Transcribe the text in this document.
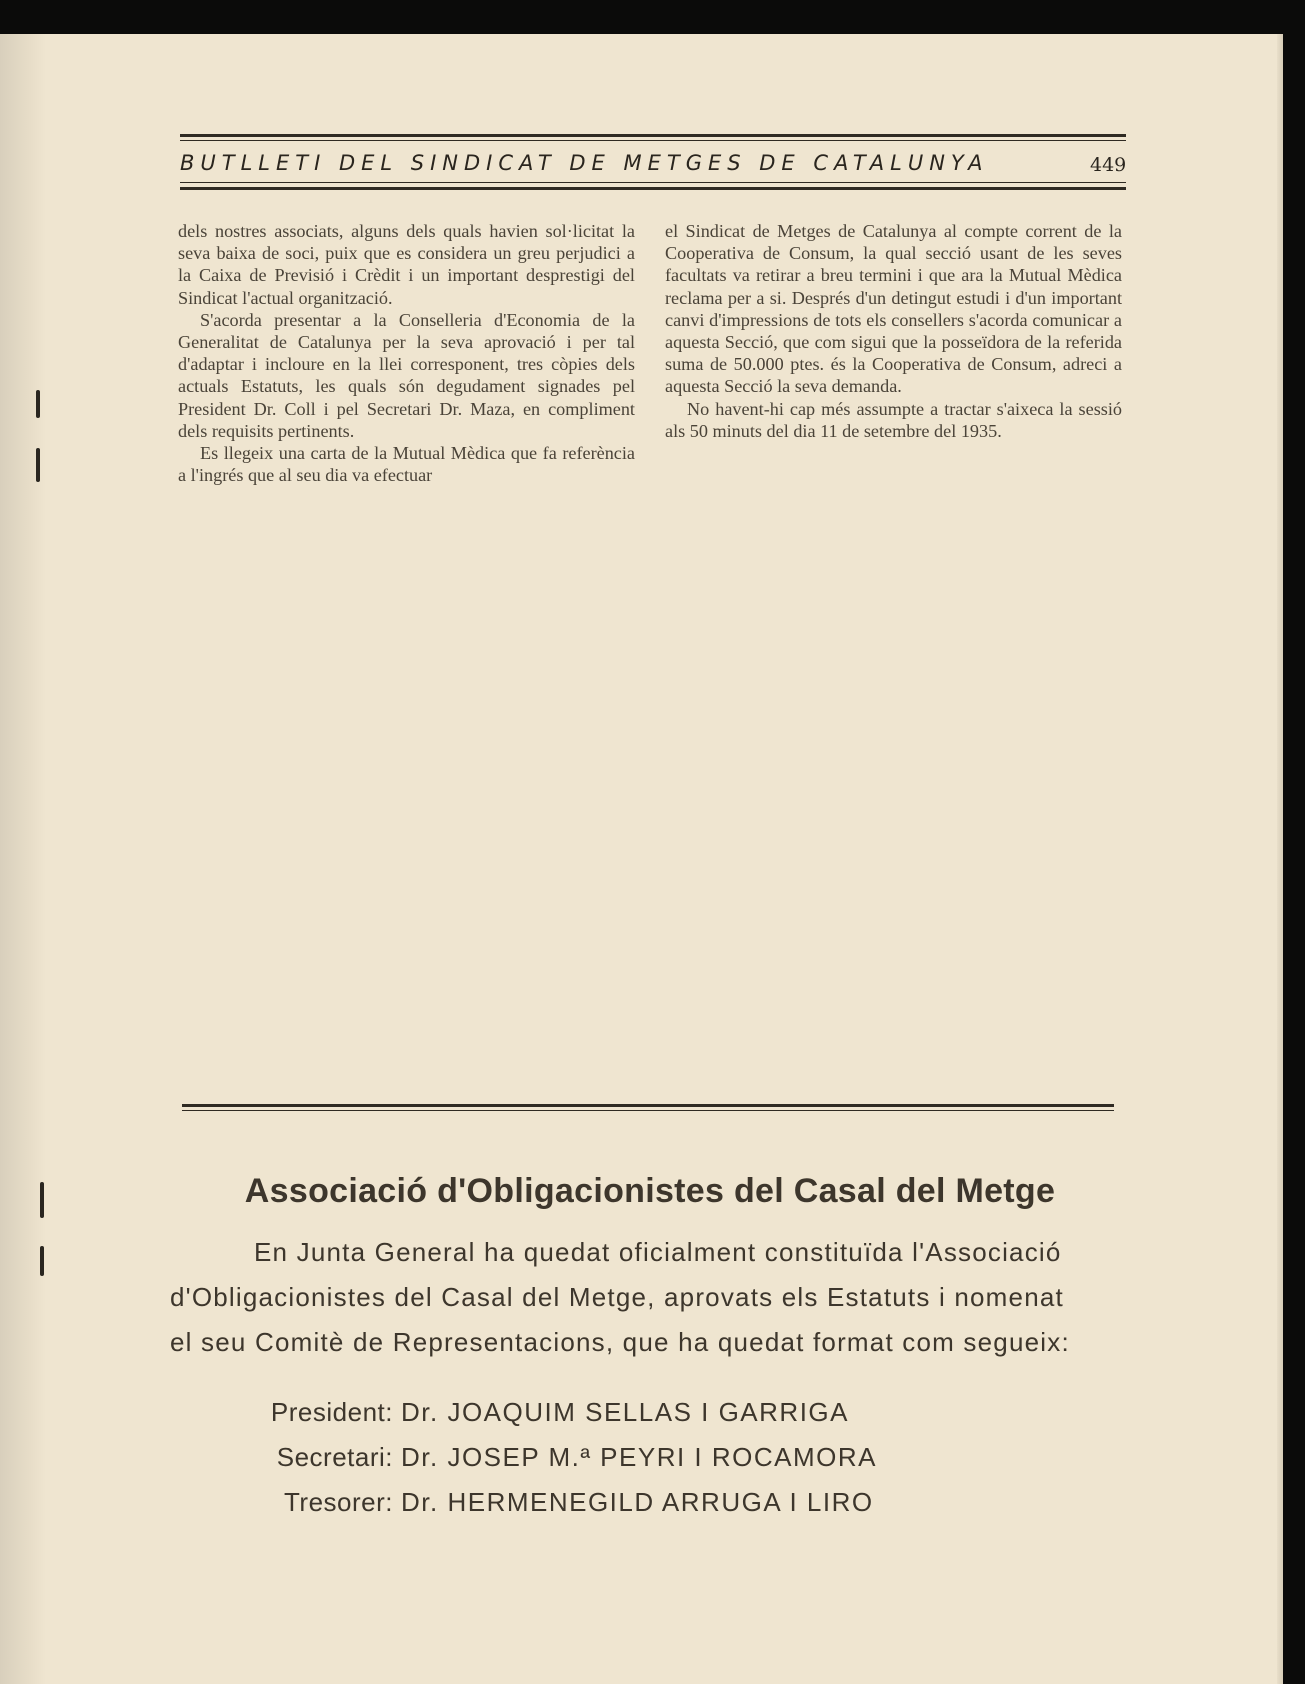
BUTLLETI DEL SINDICAT DE METGES DE CATALUNYA	449

dels nostres associats, alguns dels quals havien sol·licitat la seva baixa de soci, puix que es considera un greu perjudici a la Caixa de Previsió i Crèdit i un important desprestigi del Sindicat l'actual organització.

S'acorda presentar a la Conselleria d'Economia de la Generalitat de Catalunya per la seva aprovació i per tal d'adaptar i incloure en la llei corresponent, tres còpies dels actuals Estatuts, les quals són degudament signades pel President Dr. Coll i pel Secretari Dr. Maza, en compliment dels requisits pertinents.

Es llegeix una carta de la Mutual Mèdica que fa referència a l'ingrés que al seu dia va efectuar

el Sindicat de Metges de Catalunya al compte corrent de la Cooperativa de Consum, la qual secció usant de les seves facultats va retirar a breu termini i que ara la Mutual Mèdica reclama per a si. Després d'un detingut estudi i d'un important canvi d'impressions de tots els consellers s'acorda comunicar a aquesta Secció, que com sigui que la posseïdora de la referida suma de 50.000 ptes. és la Cooperativa de Consum, adreci a aquesta Secció la seva demanda.

No havent-hi cap més assumpte a tractar s'aixeca la sessió als 50 minuts del dia 11 de setembre del 1935.

Associació d'Obligacionistes del Casal del Metge
En Junta General ha quedat oficialment constituïda l'Associació
d'Obligacionistes del Casal del Metge, aprovats els Estatuts i nomenat
el seu Comitè de Representacions, que ha quedat format com segueix:
President: Dr. JOAQUIM SELLAS I GARRIGA
Secretari: Dr. JOSEP M.ª PEYRI I ROCAMORA
Tresorer: Dr. HERMENEGILD ARRUGA I LIRO
